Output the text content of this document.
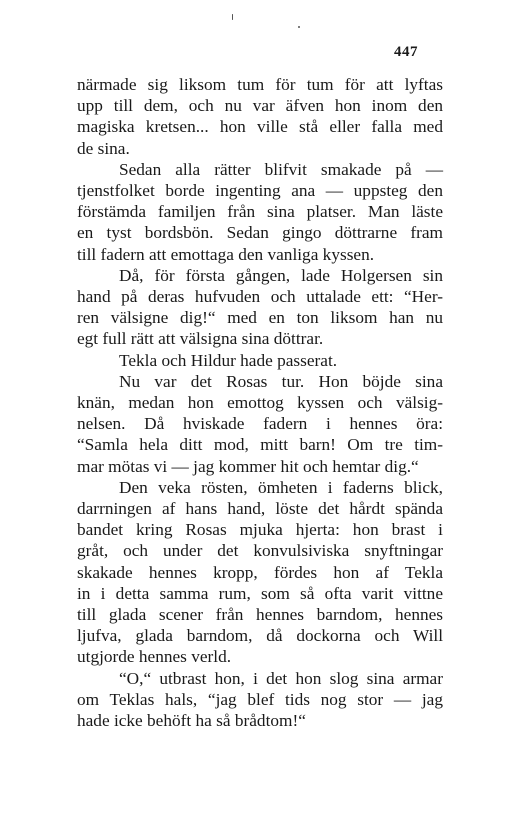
447
närmade sig liksom tum för tum för att lyftas
upp till dem, och nu var äfven hon inom den
magiska kretsen... hon ville stå eller falla med
de sina.
Sedan alla rätter blifvit smakade på —
tjenstfolket borde ingenting ana — uppsteg den
förstämda familjen från sina platser. Man läste
en tyst bordsbön. Sedan gingo döttrarne fram
till fadern att emottaga den vanliga kyssen.
Då, för första gången, lade Holgersen sin
hand på deras hufvuden och uttalade ett: “Her-
ren välsigne dig!“ med en ton liksom han nu
egt full rätt att välsigna sina döttrar.
Tekla och Hildur hade passerat.
Nu var det Rosas tur. Hon böjde sina
knän, medan hon emottog kyssen och välsig-
nelsen. Då hviskade fadern i hennes öra:
“Samla hela ditt mod, mitt barn! Om tre tim-
mar mötas vi — jag kommer hit och hemtar dig.“
Den veka rösten, ömheten i faderns blick,
darrningen af hans hand, löste det hårdt spända
bandet kring Rosas mjuka hjerta: hon brast i
gråt, och under det konvulsiviska snyftningar
skakade hennes kropp, fördes hon af Tekla
in i detta samma rum, som så ofta varit vittne
till glada scener från hennes barndom, hennes
ljufva, glada barndom, då dockorna och Will
utgjorde hennes verld.
“O,“ utbrast hon, i det hon slog sina armar
om Teklas hals, “jag blef tids nog stor — jag
hade icke behöft ha så brådtom!“
